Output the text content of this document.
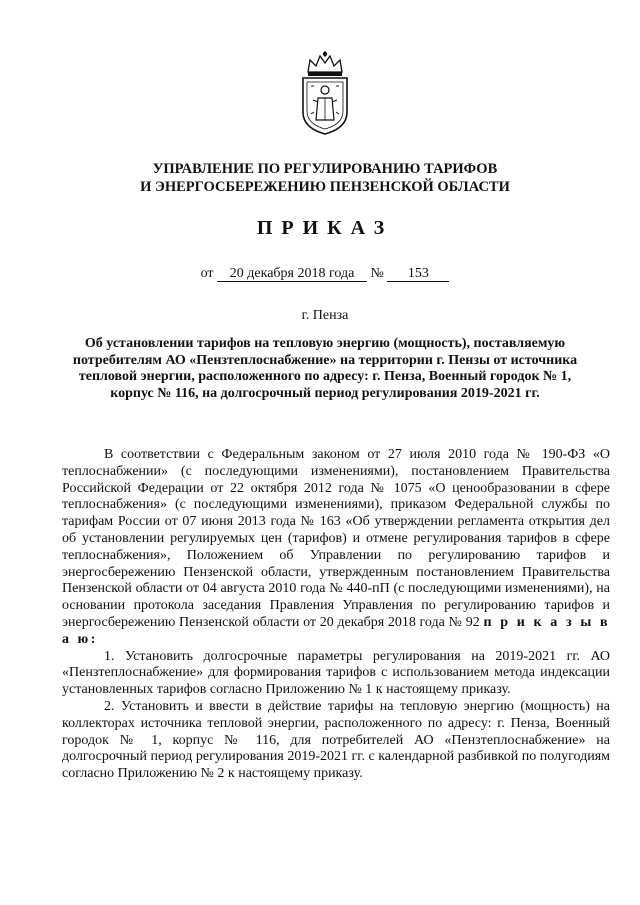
УПРАВЛЕНИЕ ПО РЕГУЛИРОВАНИЮ ТАРИФОВ
И ЭНЕРГОСБЕРЕЖЕНИЮ ПЕНЗЕНСКОЙ ОБЛАСТИ
ПРИКАЗ
от 20 декабря 2018 года № 153
г. Пенза
Об установлении тарифов на тепловую энергию (мощность), поставляемую потребителям АО «Пензтеплоснабжение» на территории г. Пензы от источника тепловой энергии, расположенного по адресу: г. Пенза, Военный городок № 1, корпус № 116, на долгосрочный период регулирования 2019-2021 гг.

В соответствии с Федеральным законом от 27 июля 2010 года № 190-ФЗ «О теплоснабжении» (с последующими изменениями), постановлением Правительства Российской Федерации от 22 октября 2012 года № 1075 «О ценообразовании в сфере теплоснабжения» (с последующими изменениями), приказом Федеральной службы по тарифам России от 07 июня 2013 года № 163 «Об утверждении регламента открытия дел об установлении регулируемых цен (тарифов) и отмене регулирования тарифов в сфере теплоснабжения», Положением об Управлении по регулированию тарифов и энергосбережению Пензенской области, утвержденным постановлением Правительства Пензенской области от 04 августа 2010 года № 440-пП (с последующими изменениями), на основании протокола заседания Правления Управления по регулированию тарифов и энергосбережению Пензенской области от 20 декабря 2018 года № 92 п р и к а з ы в а ю:

1. Установить долгосрочные параметры регулирования на 2019-2021 гг. АО «Пензтеплоснабжение» для формирования тарифов с использованием метода индексации установленных тарифов согласно Приложению № 1 к настоящему приказу.

2. Установить и ввести в действие тарифы на тепловую энергию (мощность) на коллекторах источника тепловой энергии, расположенного по адресу: г. Пенза, Военный городок № 1, корпус № 116, для потребителей АО «Пензтеплоснабжение» на долгосрочный период регулирования 2019-2021 гг. с календарной разбивкой по полугодиям согласно Приложению № 2 к настоящему приказу.
